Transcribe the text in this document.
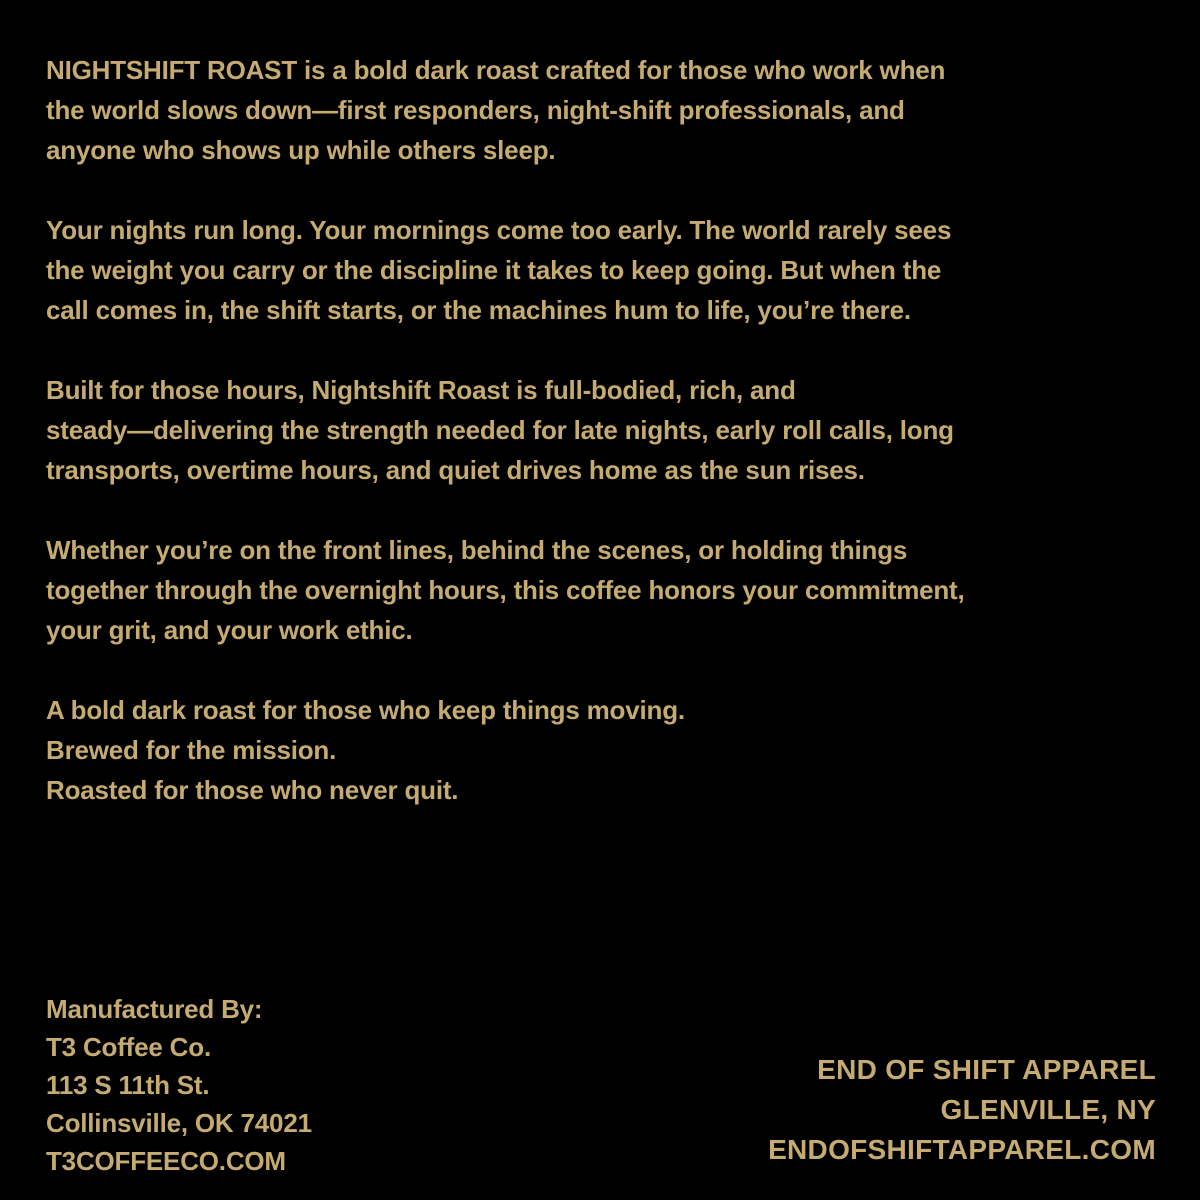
NIGHTSHIFT ROAST is a bold dark roast crafted for those who work when
the world slows down—first responders, night-shift professionals, and
anyone who shows up while others sleep.

Your nights run long. Your mornings come too early. The world rarely sees
the weight you carry or the discipline it takes to keep going. But when the
call comes in, the shift starts, or the machines hum to life, you’re there.

Built for those hours, Nightshift Roast is full-bodied, rich, and
steady—delivering the strength needed for late nights, early roll calls, long
transports, overtime hours, and quiet drives home as the sun rises.

Whether you’re on the front lines, behind the scenes, or holding things
together through the overnight hours, this coffee honors your commitment,
your grit, and your work ethic.

A bold dark roast for those who keep things moving.
Brewed for the mission.
Roasted for those who never quit.

Manufactured By:
T3 Coffee Co.
113 S 11th St.
Collinsville, OK 74021
T3COFFEECO.COM
END OF SHIFT APPAREL
GLENVILLE, NY
ENDOFSHIFTAPPAREL.COM
